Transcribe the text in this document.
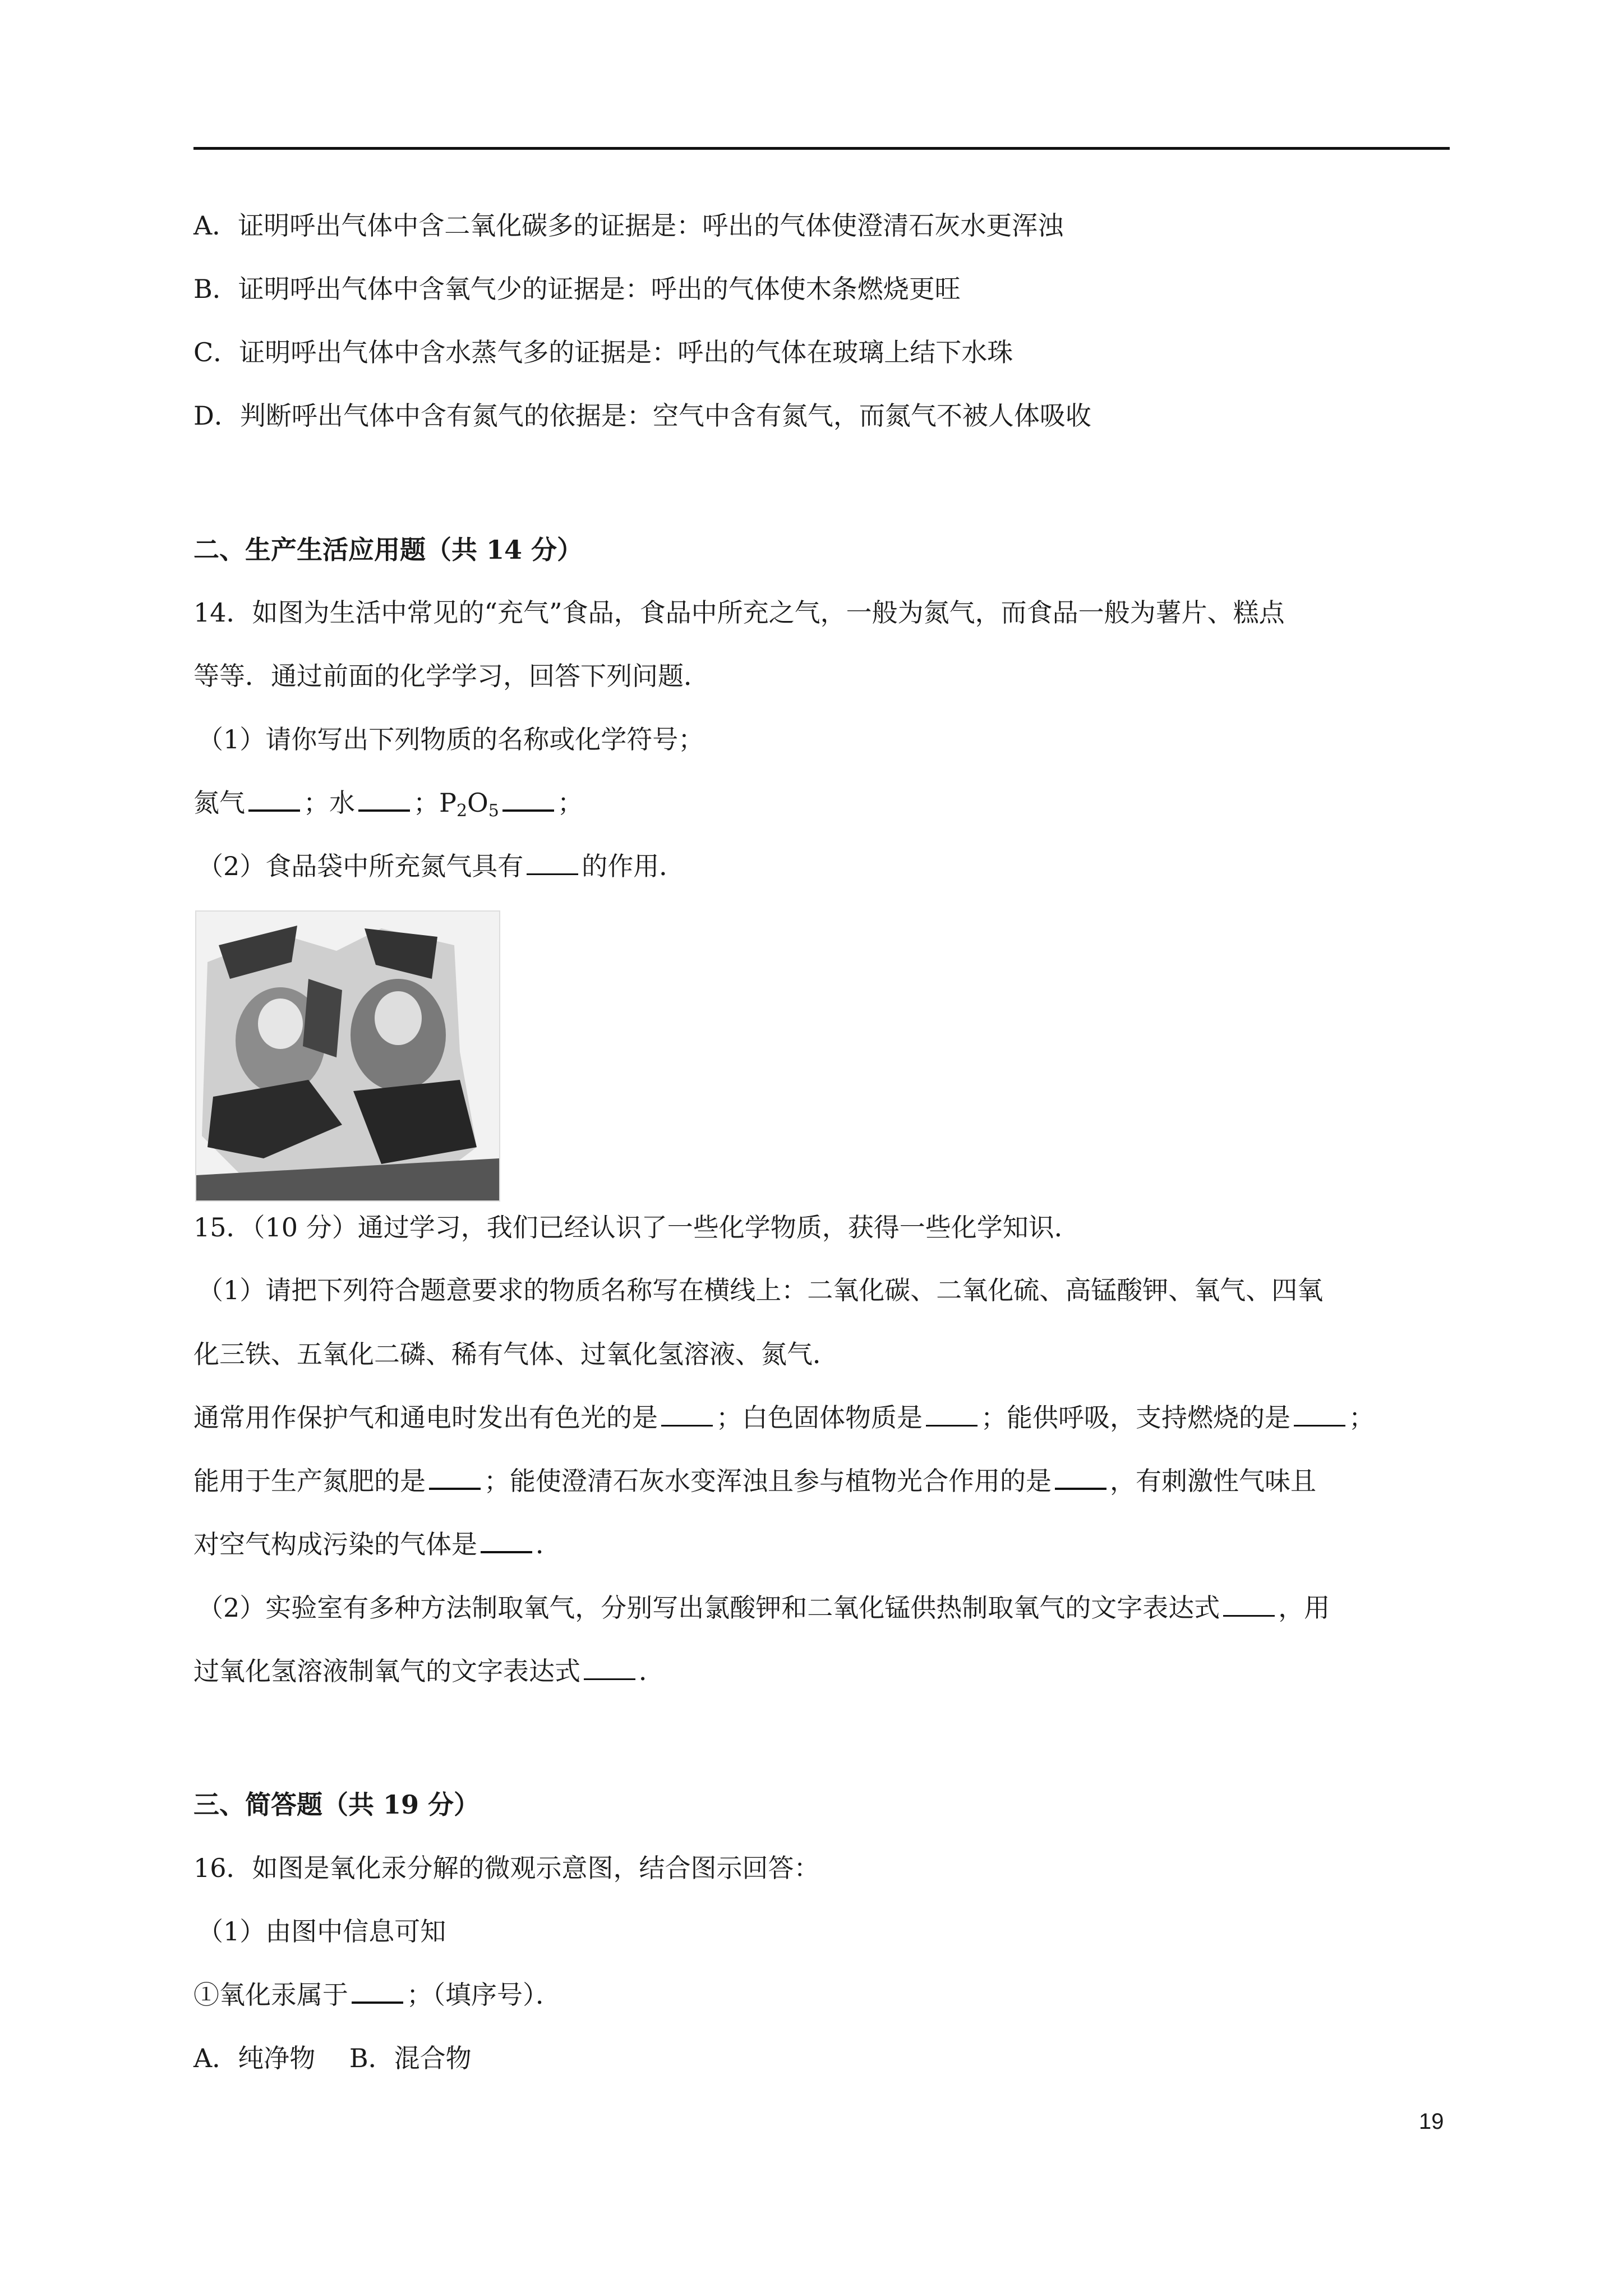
A．证明呼出气体中含二氧化碳多的证据是：呼出的气体使澄清石灰水更浑浊
B．证明呼出气体中含氧气少的证据是：呼出的气体使木条燃烧更旺
C．证明呼出气体中含水蒸气多的证据是：呼出的气体在玻璃上结下水珠
D．判断呼出气体中含有氮气的依据是：空气中含有氮气，而氮气不被人体吸收
二、生产生活应用题（共 14 分）
14．如图为生活中常见的“充气”食品，食品中所充之气，一般为氮气，而食品一般为薯片、糕点
等等．通过前面的化学学习，回答下列问题．
（1）请你写出下列物质的名称或化学符号；
氮气 ；水 ；$P_2O_5$ ；
（2）食品袋中所充氮气具有 的作用．
15．（10 分）通过学习，我们已经认识了一些化学物质，获得一些化学知识．
（1）请把下列符合题意要求的物质名称写在横线上：二氧化碳、二氧化硫、高锰酸钾、氧气、四氧
化三铁、五氧化二磷、稀有气体、过氧化氢溶液、氮气．
通常用作保护气和通电时发出有色光的是 ；白色固体物质是 ；能供呼吸，支持燃烧的是 ；
能用于生产氮肥的是 ；能使澄清石灰水变浑浊且参与植物光合作用的是 ，有刺激性气味且
对空气构成污染的气体是 ．
（2）实验室有多种方法制取氧气，分别写出氯酸钾和二氧化锰供热制取氧气的文字表达式 ，用
过氧化氢溶液制氧气的文字表达式 ．
三、简答题（共 19 分）
16．如图是氧化汞分解的微观示意图，结合图示回答：
（1）由图中信息可知
①氧化汞属于 ；（填序号）．
A．纯净物　 B．混合物
19
